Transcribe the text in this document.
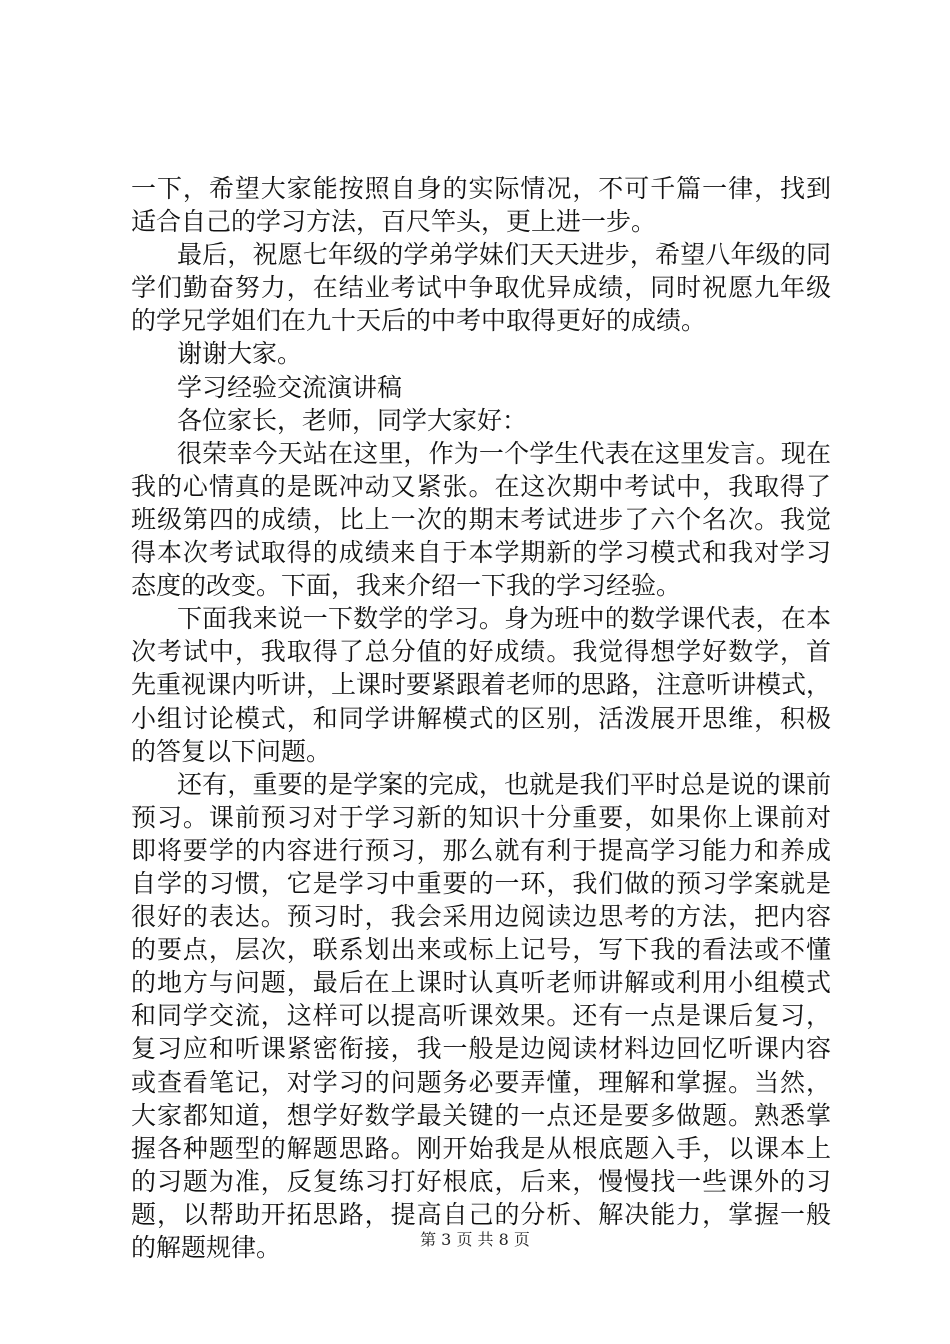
一下，希望大家能按照自身的实际情况，不可千篇一律，找到
适合自己的学习方法，百尺竿头，更上进一步。
最后，祝愿七年级的学弟学妹们天天进步，希望八年级的同
学们勤奋努力，在结业考试中争取优异成绩，同时祝愿九年级
的学兄学姐们在九十天后的中考中取得更好的成绩。
谢谢大家。
学习经验交流演讲稿
各位家长，老师，同学大家好：
很荣幸今天站在这里，作为一个学生代表在这里发言。现在
我的心情真的是既冲动又紧张。在这次期中考试中，我取得了
班级第四的成绩，比上一次的期末考试进步了六个名次。我觉
得本次考试取得的成绩来自于本学期新的学习模式和我对学习
态度的改变。下面，我来介绍一下我的学习经验。
下面我来说一下数学的学习。身为班中的数学课代表，在本
次考试中，我取得了总分值的好成绩。我觉得想学好数学，首
先重视课内听讲，上课时要紧跟着老师的思路，注意听讲模式，
小组讨论模式，和同学讲解模式的区别，活泼展开思维，积极
的答复以下问题。
还有，重要的是学案的完成，也就是我们平时总是说的课前
预习。课前预习对于学习新的知识十分重要，如果你上课前对
即将要学的内容进行预习，那么就有利于提高学习能力和养成
自学的习惯，它是学习中重要的一环，我们做的预习学案就是
很好的表达。预习时，我会采用边阅读边思考的方法，把内容
的要点，层次，联系划出来或标上记号，写下我的看法或不懂
的地方与问题，最后在上课时认真听老师讲解或利用小组模式
和同学交流，这样可以提高听课效果。还有一点是课后复习，
复习应和听课紧密衔接，我一般是边阅读材料边回忆听课内容
或查看笔记，对学习的问题务必要弄懂，理解和掌握。当然，
大家都知道，想学好数学最关键的一点还是要多做题。熟悉掌
握各种题型的解题思路。刚开始我是从根底题入手，以课本上
的习题为准，反复练习打好根底，后来，慢慢找一些课外的习
题，以帮助开拓思路，提高自己的分析、解决能力，掌握一般
的解题规律。	第 3 页 共 8 页
